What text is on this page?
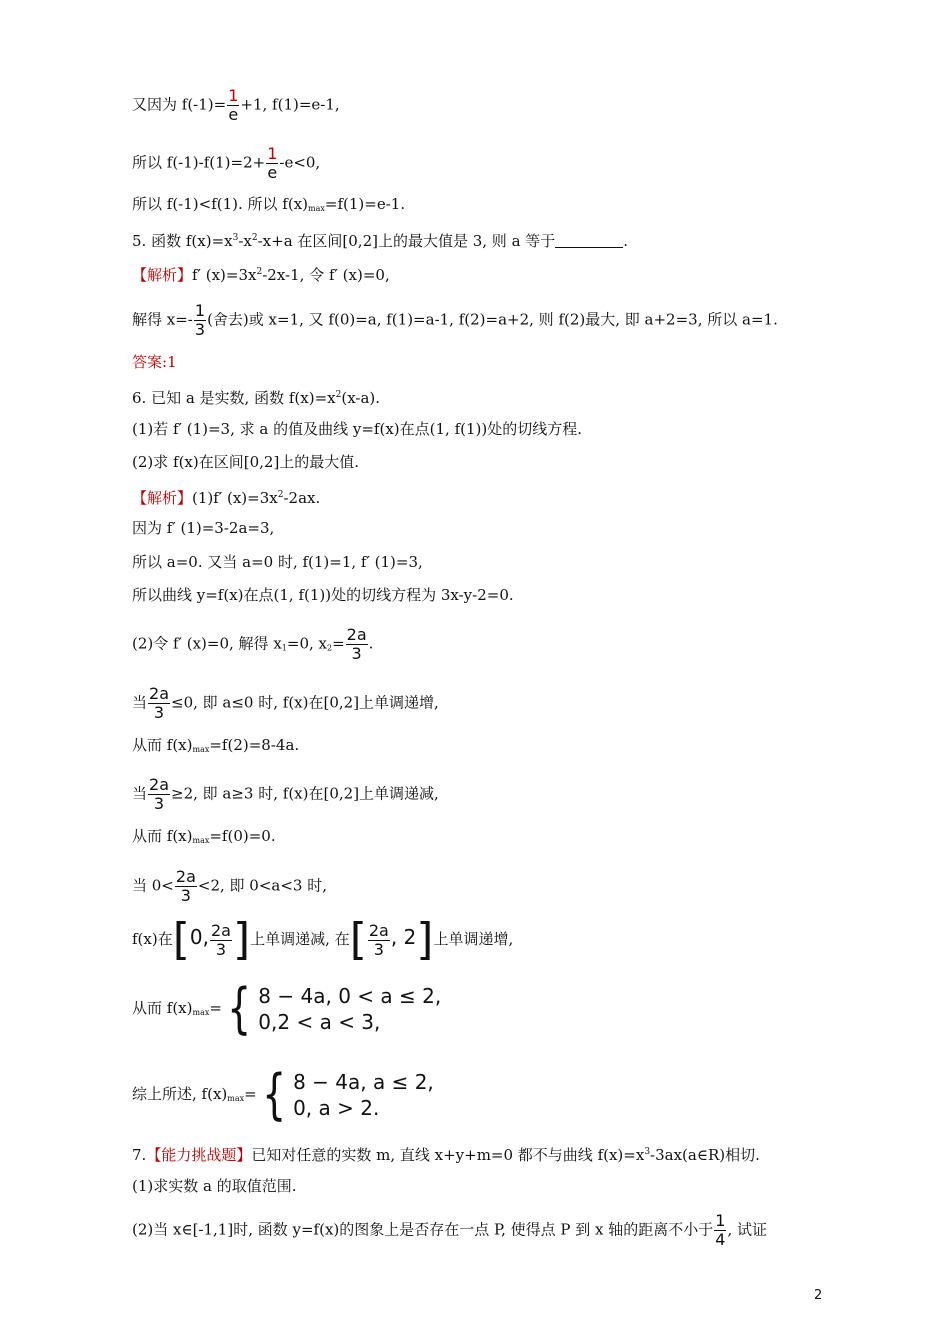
又因为 $f(-1)= \frac{1}{e} +1$, f(1)=e-1,
所以 $f(-1)-f(1)=2+ \frac{1}{e} -e<0$,
所以 f(-1)<f(1). 所以 $f(x)_{max}=f(1)=e-1$.
5. 函数 $f(x)=x^3-x^2-x+a$ 在区间[0,2]上的最大值是 3, 则 a 等于	.
【解析】f′ $(x)=3x^2-2x-1$, 令 f′ (x)=0,
解得 $x=- \frac{1}{3}$ (舍去)或 x=1, 又 f(0)=a, f(1)=a-1, f(2)=a+2, 则 f(2)最大, 即 a+2=3, 所以 a=1.
答案:1
6. 已知 a 是实数, 函数 $f(x)=x^2(x-a)$.
(1)若 f′ (1)=3, 求 a 的值及曲线 y=f(x)在点(1, f(1))处的切线方程.
(2)求 f(x)在区间[0,2]上的最大值.
【解析】(1)f′ $(x)=3x^2-2ax$.
因为 f′ (1)=3-2a=3,
所以 a=0. 又当 a=0 时, f(1)=1, f′ (1)=3,
所以曲线 y=f(x)在点(1, f(1))处的切线方程为 3x-y-2=0.
(2)令 f′ (x)=0, 解得 $x_1=0$, $x_2= \frac{2a}{3}$ .
当 $\frac{2a}{3} \le 0$, 即 a≤0 时, f(x)在[0,2]上单调递增,
从而 $f(x)_{max}=f(2)=8-4a$.
当 $\frac{2a}{3} \ge 2$, 即 a≥3 时, f(x)在[0,2]上单调递减,
从而 $f(x)_{max}=f(0)=0$.
当 $0< \frac{2a}{3} <2$, 即 0<a<3 时,
f(x)在[0, $\frac{2a}{3}$ ]上单调递减, 在[ $\frac{2a}{3}$ , 2]上单调递增,
从而 $f(x)_{max}=$ { 8 − 4a, 0 < a ≤ 2,
0,2 < a < 3,
综上所述, $f(x)_{max}=$ { 8 − 4a, a ≤ 2,
0, a > 2.
7.【能力挑战题】已知对任意的实数 m, 直线 x+y+m=0 都不与曲线 $f(x)=x^3-3ax(a\in R)$相切.
(1)求实数 a 的取值范围.
(2)当 x∈[-1,1]时, 函数 y=f(x)的图象上是否存在一点 P, 使得点 P 到 x 轴的距离不小于 $\frac{1}{4}$ , 试证
2
